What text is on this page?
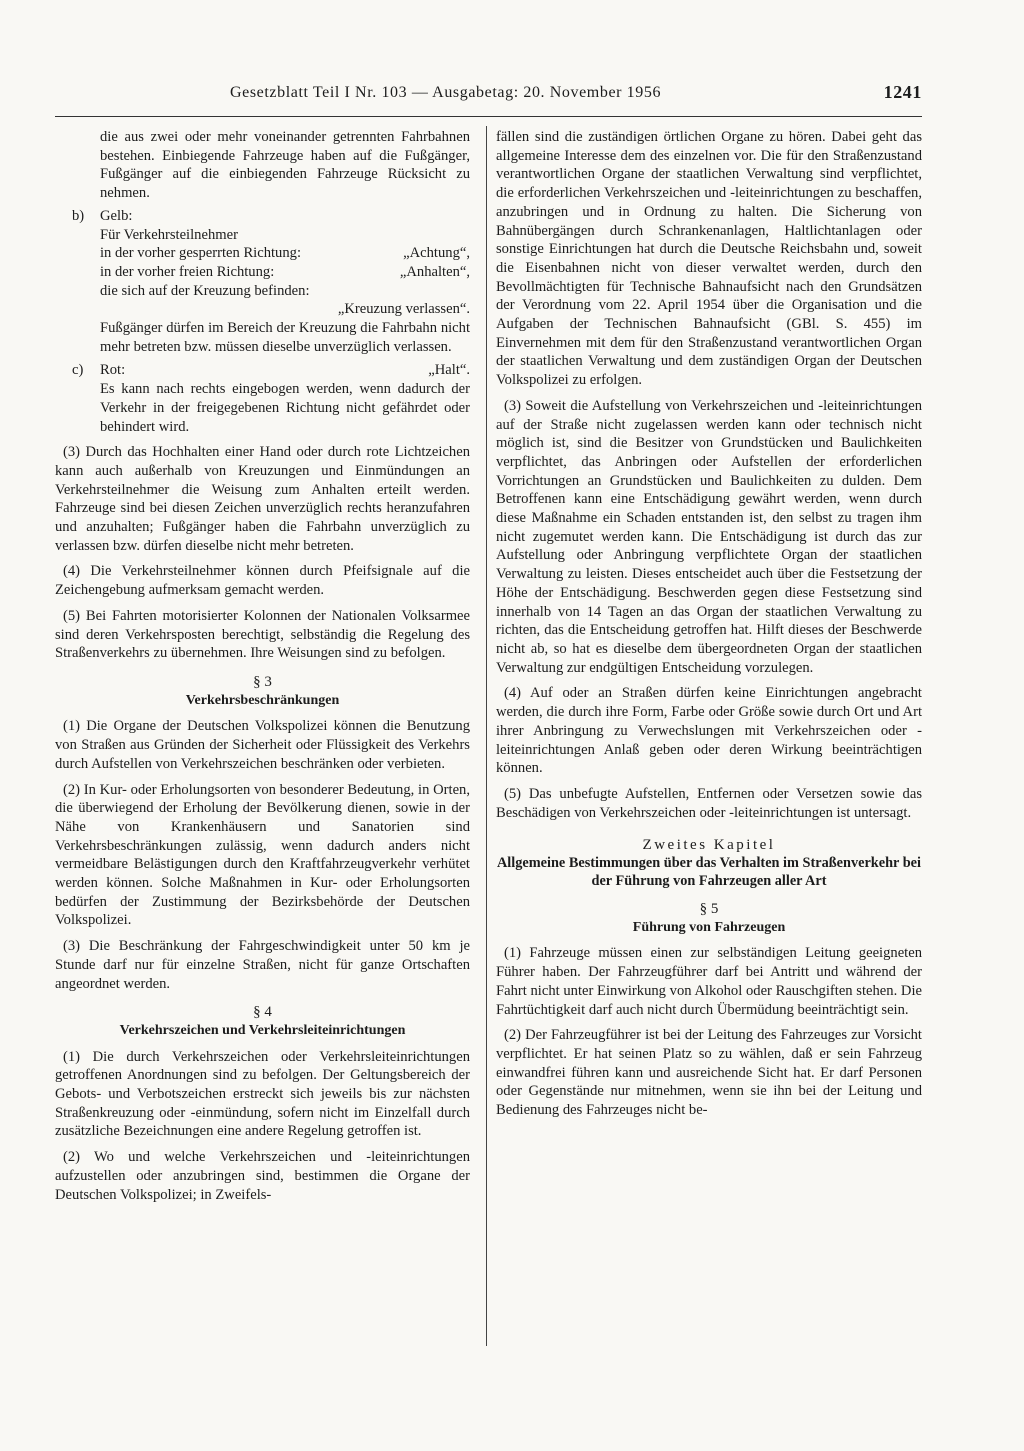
Gesetzblatt Teil I Nr. 103 — Ausgabetag: 20. November 1956	1241

die aus zwei oder mehr voneinander getrennten Fahrbahnen bestehen. Einbiegende Fahrzeuge haben auf die Fußgänger, Fußgänger auf die einbiegenden Fahrzeuge Rücksicht zu nehmen.

b)	Gelb:

Für Verkehrsteilnehmer

in der vorher gesperrten Richtung:	„Achtung“,
in der vorher freien Richtung:	„Anhalten“,

die sich auf der Kreuzung befinden:

„Kreuzung verlassen“.

Fußgänger dürfen im Bereich der Kreuzung die Fahrbahn nicht mehr betreten bzw. müssen dieselbe unverzüglich verlassen.

c)	Rot:	„Halt“.

Es kann nach rechts eingebogen werden, wenn dadurch der Verkehr in der freigegebenen Richtung nicht gefährdet oder behindert wird.

(3) Durch das Hochhalten einer Hand oder durch rote Lichtzeichen kann auch außerhalb von Kreuzungen und Einmündungen an Verkehrsteilnehmer die Weisung zum Anhalten erteilt werden. Fahrzeuge sind bei diesen Zeichen unverzüglich rechts heranzufahren und anzuhalten; Fußgänger haben die Fahrbahn unverzüglich zu verlassen bzw. dürfen dieselbe nicht mehr betreten.

(4) Die Verkehrsteilnehmer können durch Pfeifsignale auf die Zeichengebung aufmerksam gemacht werden.

(5) Bei Fahrten motorisierter Kolonnen der Nationalen Volksarmee sind deren Verkehrsposten berechtigt, selbständig die Regelung des Straßenverkehrs zu übernehmen. Ihre Weisungen sind zu befolgen.

§ 3

Verkehrsbeschränkungen

(1) Die Organe der Deutschen Volkspolizei können die Benutzung von Straßen aus Gründen der Sicherheit oder Flüssigkeit des Verkehrs durch Aufstellen von Verkehrszeichen beschränken oder verbieten.

(2) In Kur- oder Erholungsorten von besonderer Bedeutung, in Orten, die überwiegend der Erholung der Bevölkerung dienen, sowie in der Nähe von Krankenhäusern und Sanatorien sind Verkehrsbeschränkungen zulässig, wenn dadurch anders nicht vermeidbare Belästigungen durch den Kraftfahrzeugverkehr verhütet werden können. Solche Maßnahmen in Kur- oder Erholungsorten bedürfen der Zustimmung der Bezirksbehörde der Deutschen Volkspolizei.

(3) Die Beschränkung der Fahrgeschwindigkeit unter 50 km je Stunde darf nur für einzelne Straßen, nicht für ganze Ortschaften angeordnet werden.

§ 4

Verkehrszeichen und Verkehrsleiteinrichtungen

(1) Die durch Verkehrszeichen oder Verkehrsleiteinrichtungen getroffenen Anordnungen sind zu befolgen. Der Geltungsbereich der Gebots- und Verbotszeichen erstreckt sich jeweils bis zur nächsten Straßenkreuzung oder -einmündung, sofern nicht im Einzelfall durch zusätzliche Bezeichnungen eine andere Regelung getroffen ist.

(2) Wo und welche Verkehrszeichen und -leiteinrichtungen aufzustellen oder anzubringen sind, bestimmen die Organe der Deutschen Volkspolizei; in Zweifels-

fällen sind die zuständigen örtlichen Organe zu hören. Dabei geht das allgemeine Interesse dem des einzelnen vor. Die für den Straßenzustand verantwortlichen Organe der staatlichen Verwaltung sind verpflichtet, die erforderlichen Verkehrszeichen und -leiteinrichtungen zu beschaffen, anzubringen und in Ordnung zu halten. Die Sicherung von Bahnübergängen durch Schrankenanlagen, Haltlichtanlagen oder sonstige Einrichtungen hat durch die Deutsche Reichsbahn und, soweit die Eisenbahnen nicht von dieser verwaltet werden, durch den Bevollmächtigten für Technische Bahnaufsicht nach den Grundsätzen der Verordnung vom 22. April 1954 über die Organisation und die Aufgaben der Technischen Bahnaufsicht (GBl. S. 455) im Einvernehmen mit dem für den Straßenzustand verantwortlichen Organ der staatlichen Verwaltung und dem zuständigen Organ der Deutschen Volkspolizei zu erfolgen.

(3) Soweit die Aufstellung von Verkehrszeichen und -leiteinrichtungen auf der Straße nicht zugelassen werden kann oder technisch nicht möglich ist, sind die Besitzer von Grundstücken und Baulichkeiten verpflichtet, das Anbringen oder Aufstellen der erforderlichen Vorrichtungen an Grundstücken und Baulichkeiten zu dulden. Dem Betroffenen kann eine Entschädigung gewährt werden, wenn durch diese Maßnahme ein Schaden entstanden ist, den selbst zu tragen ihm nicht zugemutet werden kann. Die Entschädigung ist durch das zur Aufstellung oder Anbringung verpflichtete Organ der staatlichen Verwaltung zu leisten. Dieses entscheidet auch über die Festsetzung der Höhe der Entschädigung. Beschwerden gegen diese Festsetzung sind innerhalb von 14 Tagen an das Organ der staatlichen Verwaltung zu richten, das die Entscheidung getroffen hat. Hilft dieses der Beschwerde nicht ab, so hat es dieselbe dem übergeordneten Organ der staatlichen Verwaltung zur endgültigen Entscheidung vorzulegen.

(4) Auf oder an Straßen dürfen keine Einrichtungen angebracht werden, die durch ihre Form, Farbe oder Größe sowie durch Ort und Art ihrer Anbringung zu Verwechslungen mit Verkehrszeichen oder -leiteinrichtungen Anlaß geben oder deren Wirkung beeinträchtigen können.

(5) Das unbefugte Aufstellen, Entfernen oder Versetzen sowie das Beschädigen von Verkehrszeichen oder -leiteinrichtungen ist untersagt.

Zweites Kapitel

Allgemeine Bestimmungen über das Verhalten im Straßenverkehr bei der Führung von Fahrzeugen aller Art

§ 5

Führung von Fahrzeugen

(1) Fahrzeuge müssen einen zur selbständigen Leitung geeigneten Führer haben. Der Fahrzeugführer darf bei Antritt und während der Fahrt nicht unter Einwirkung von Alkohol oder Rauschgiften stehen. Die Fahrtüchtigkeit darf auch nicht durch Übermüdung beeinträchtigt sein.

(2) Der Fahrzeugführer ist bei der Leitung des Fahrzeuges zur Vorsicht verpflichtet. Er hat seinen Platz so zu wählen, daß er sein Fahrzeug einwandfrei führen kann und ausreichende Sicht hat. Er darf Personen oder Gegenstände nur mitnehmen, wenn sie ihn bei der Leitung und Bedienung des Fahrzeuges nicht be-
